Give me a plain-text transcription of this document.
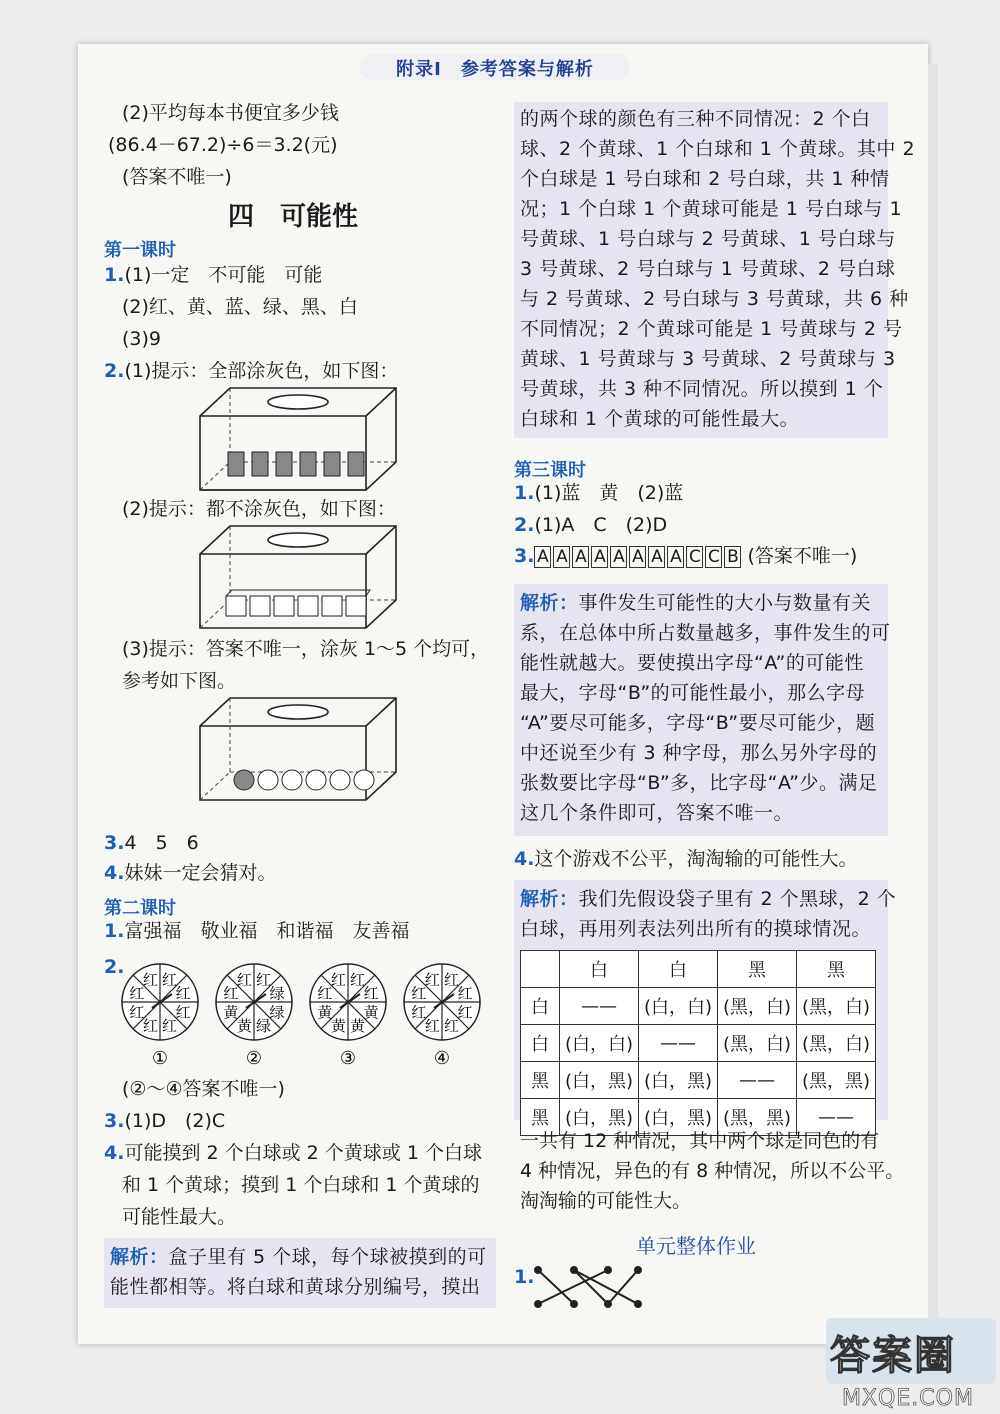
附录Ⅰ　参考答案与解析
(2)平均每本书便宜多少钱
(86.4－67.2)÷6＝3.2(元)
(答案不唯一)
四　可能性
第一课时
1.(1)一定　不可能　可能
(2)红、黄、蓝、绿、黑、白
(3)9
2.(1)提示：全部涂灰色，如下图：
(2)提示：都不涂灰色，如下图：
(3)提示：答案不唯一，涂灰 1～5 个均可，
参考如下图。
3.4　5　6
4.妹妹一定会猜对。
第二课时
1.富强福　敬业福　和谐福　友善福
2.
红
红
红
红
红
红
红
红
①
红
绿
绿
绿
黄
黄
红
红
②
红
红
黄
黄
黄
黄
红
红
③
红
红
红
红
红
红
红
红
④
(②～④答案不唯一)
3.(1)D　(2)C
4.可能摸到 2 个白球或 2 个黄球或 1 个白球
和 1 个黄球；摸到 1 个白球和 1 个黄球的
可能性最大。
解析：盒子里有 5 个球，每个球被摸到的可
能性都相等。将白球和黄球分别编号，摸出
的两个球的颜色有三种不同情况：2 个白
球、2 个黄球、1 个白球和 1 个黄球。其中 2
个白球是 1 号白球和 2 号白球，共 1 种情
况；1 个白球 1 个黄球可能是 1 号白球与 1
号黄球、1 号白球与 2 号黄球、1 号白球与
3 号黄球、2 号白球与 1 号黄球、2 号白球
与 2 号黄球、2 号白球与 3 号黄球，共 6 种
不同情况；2 个黄球可能是 1 号黄球与 2 号
黄球、1 号黄球与 3 号黄球、2 号黄球与 3
号黄球，共 3 种不同情况。所以摸到 1 个
白球和 1 个黄球的可能性最大。
第三课时
1.(1)蓝　黄　(2)蓝
2.(1)A　C　(2)D
3. A A A A A A A A C C B (答案不唯一)
解析：事件发生可能性的大小与数量有关
系，在总体中所占数量越多，事件发生的可
能性就越大。要使摸出字母“A”的可能性
最大，字母“B”的可能性最小，那么字母
“A”要尽可能多，字母“B”要尽可能少，题
中还说至少有 3 种字母，那么另外字母的
张数要比字母“B”多，比字母“A”少。满足
这几个条件即可，答案不唯一。
4.这个游戏不公平，淘淘输的可能性大。
解析：我们先假设袋子里有 2 个黑球，2 个
白球，再用列表法列出所有的摸球情况。
	白	白	黑	黑
白	——	(白，白)	(黑，白)	(黑，白)
白	(白，白)	——	(黑，白)	(黑，白)
黑	(白，黑)	(白，黑)	——	(黑，黑)
黑	(白，黑)	(白，黑)	(黑，黑)	——
一共有 12 种情况，其中两个球是同色的有
4 种情况，异色的有 8 种情况，所以不公平。
淘淘输的可能性大。
单元整体作业
1.
答案圈
MXQE.COM
